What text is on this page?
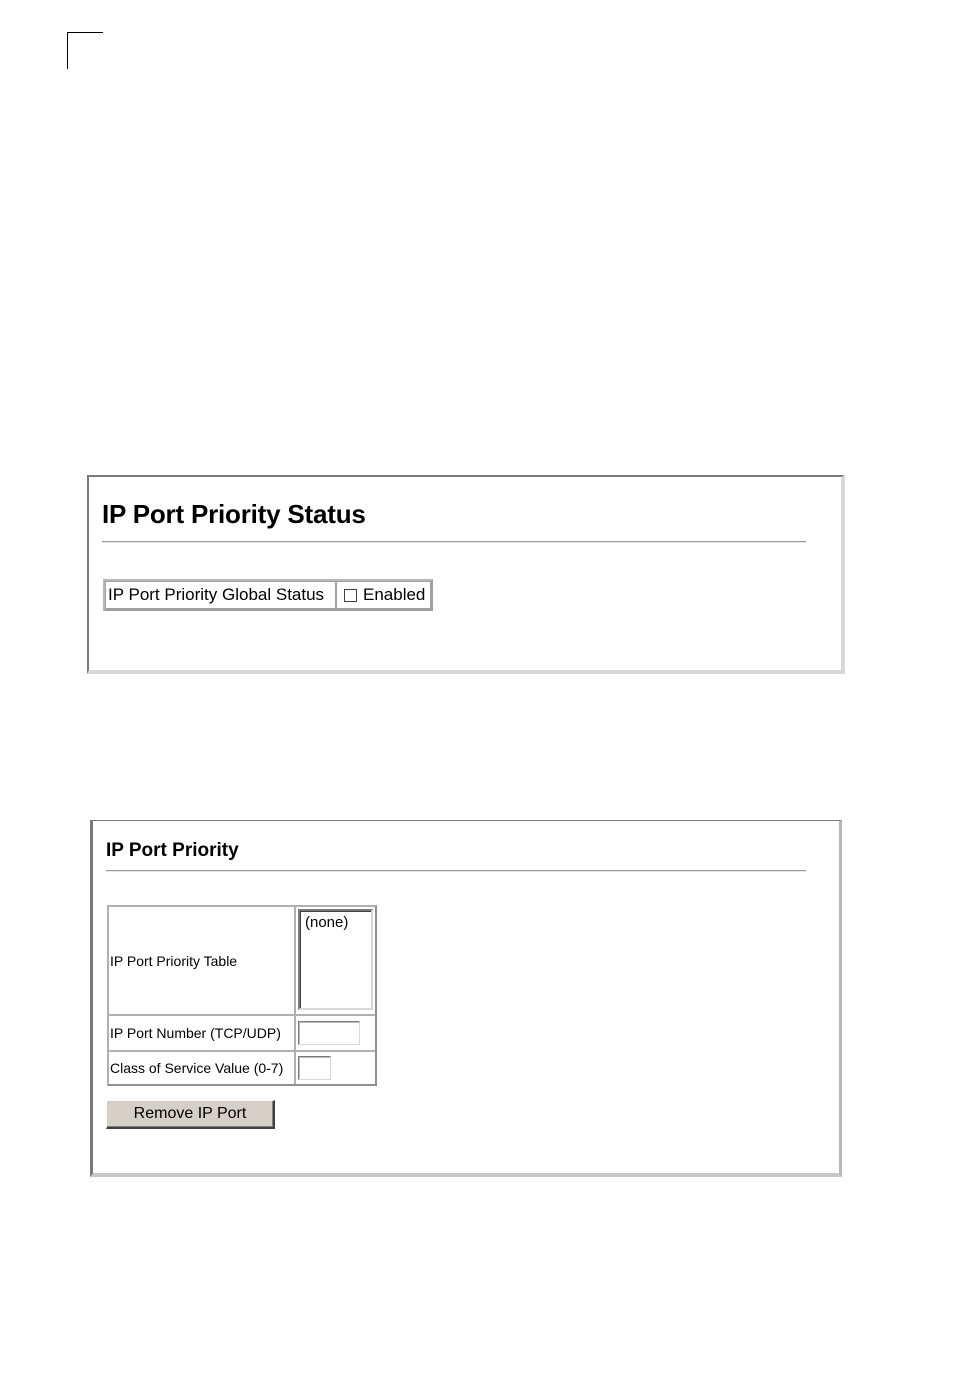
IP Port Priority Status
IP Port Priority Global Status	Enabled
IP Port Priority
IP Port Priority Table
(none)
IP Port Number (TCP/UDP)
Class of Service Value (0-7)
Remove IP Port
